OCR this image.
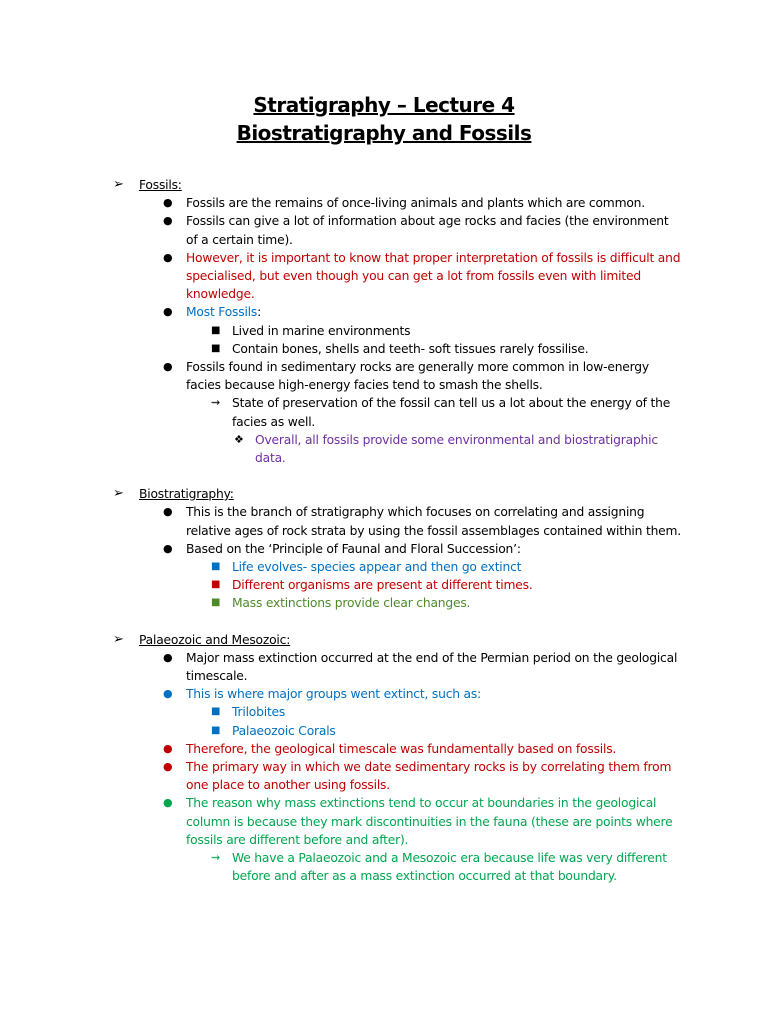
Stratigraphy – Lecture 4
Biostratigraphy and Fossils
➢	Fossils:
● Fossils are the remains of once-living animals and plants which are common.
● Fossils can give a lot of information about age rocks and facies (the environment of a certain time).
● However, it is important to know that proper interpretation of fossils is difficult and specialised, but even though you can get a lot from fossils even with limited knowledge.
● Most Fossils:
■ Lived in marine environments
■ Contain bones, shells and teeth- soft tissues rarely fossilise.
● Fossils found in sedimentary rocks are generally more common in low-energy facies because high-energy facies tend to smash the shells.
⇝ State of preservation of the fossil can tell us a lot about the energy of the facies as well.
❖ Overall, all fossils provide some environmental and biostratigraphic data.
➢	Biostratigraphy:
● This is the branch of stratigraphy which focuses on correlating and assigning relative ages of rock strata by using the fossil assemblages contained within them.
● Based on the ‘Principle of Faunal and Floral Succession’:
■ Life evolves- species appear and then go extinct
■ Different organisms are present at different times.
■ Mass extinctions provide clear changes.
➢	Palaeozoic and Mesozoic:
● Major mass extinction occurred at the end of the Permian period on the geological timescale.
● This is where major groups went extinct, such as:
■ Trilobites
■ Palaeozoic Corals
● Therefore, the geological timescale was fundamentally based on fossils.
● The primary way in which we date sedimentary rocks is by correlating them from one place to another using fossils.
● The reason why mass extinctions tend to occur at boundaries in the geological column is because they mark discontinuities in the fauna (these are points where fossils are different before and after).
⇝ We have a Palaeozoic and a Mesozoic era because life was very different before and after as a mass extinction occurred at that boundary.
